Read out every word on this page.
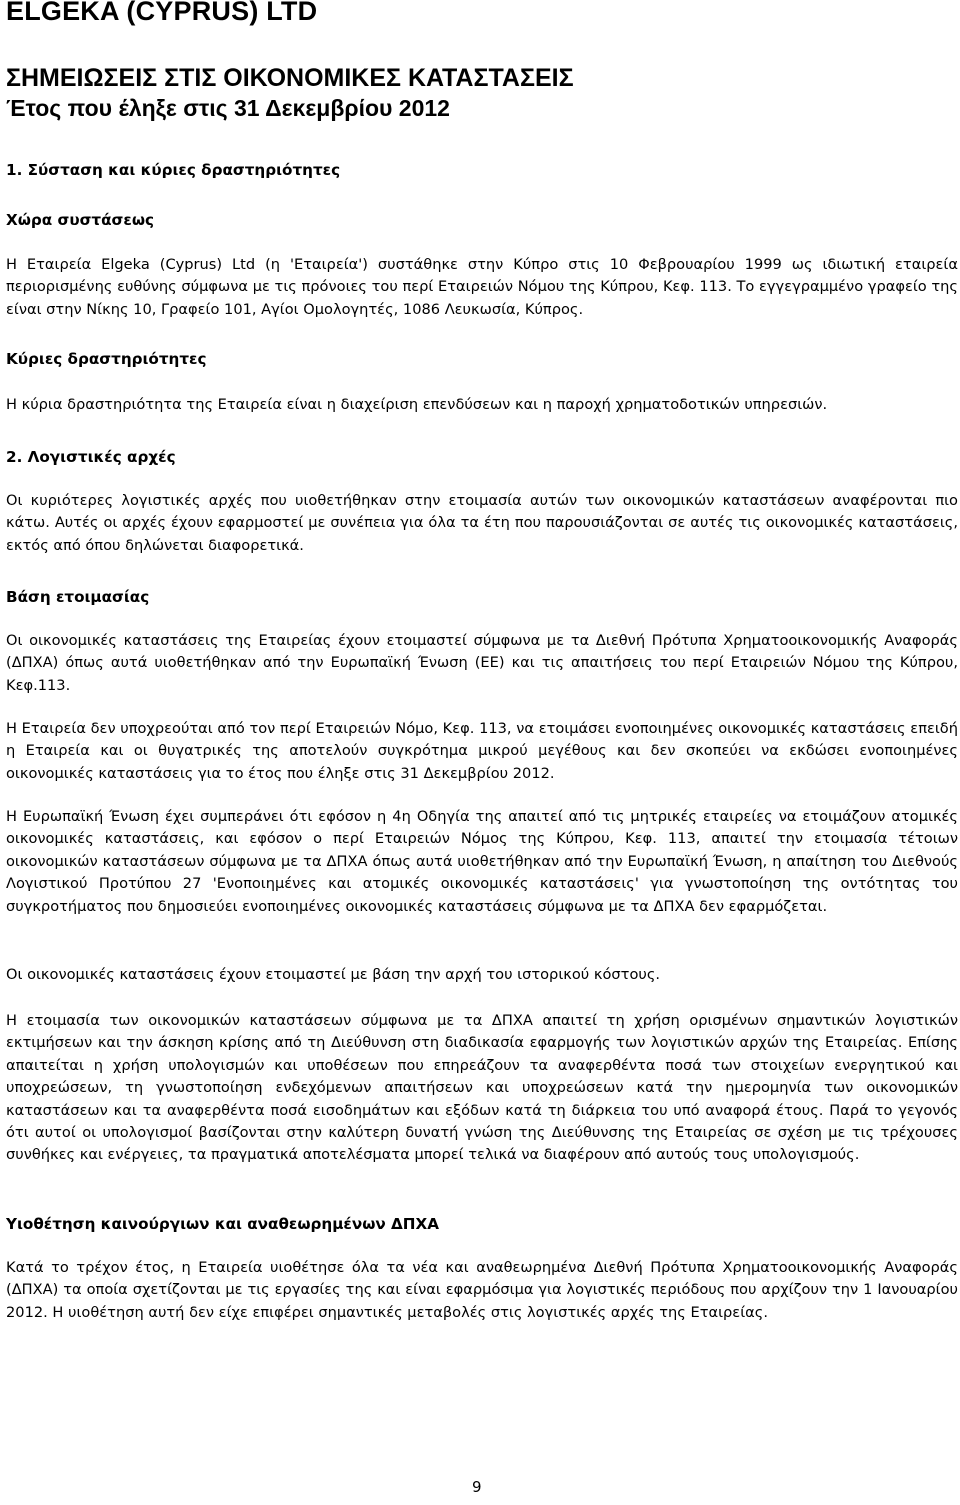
ELGEKA (CYPRUS) LTD
ΣΗΜΕΙΩΣΕΙΣ ΣΤΙΣ ΟΙΚΟΝΟΜΙΚΕΣ ΚΑΤΑΣΤΑΣΕΙΣ
Έτος που έληξε στις 31 Δεκεμβρίου 2012
1. Σύσταση και κύριες δραστηριότητες
Χώρα συστάσεως
Η Εταιρεία Elgeka (Cyprus) Ltd (η 'Εταιρεία') συστάθηκε στην Κύπρο στις 10 Φεβρουαρίου 1999 ως ιδιωτική εταιρεία περιορισμένης ευθύνης σύμφωνα με τις πρόνοιες του περί Εταιρειών Νόμου της Κύπρου, Κεφ. 113. Το εγγεγραμμένο γραφείο της είναι στην Νίκης 10, Γραφείο 101, Αγίοι Ομολογητές, 1086 Λευκωσία, Κύπρος.
Κύριες δραστηριότητες
Η κύρια δραστηριότητα της Εταιρεία είναι η διαχείριση επενδύσεων και η παροχή χρηματοδοτικών υπηρεσιών.
2. Λογιστικές αρχές
Οι κυριότερες λογιστικές αρχές που υιοθετήθηκαν στην ετοιμασία αυτών των οικονομικών καταστάσεων αναφέρονται πιο κάτω. Αυτές οι αρχές έχουν εφαρμοστεί με συνέπεια για όλα τα έτη που παρουσιάζονται σε αυτές τις οικονομικές καταστάσεις, εκτός από όπου δηλώνεται διαφορετικά.
Βάση ετοιμασίας
Οι οικονομικές καταστάσεις της Εταιρείας έχουν ετοιμαστεί σύμφωνα με τα Διεθνή Πρότυπα Χρηματοοικονομικής Αναφοράς (ΔΠΧΑ) όπως αυτά υιοθετήθηκαν από την Ευρωπαϊκή Ένωση (ΕΕ) και τις απαιτήσεις του περί Εταιρειών Νόμου της Κύπρου, Κεφ.113.
Η Εταιρεία δεν υποχρεούται από τον περί Εταιρειών Νόμο, Κεφ. 113, να ετοιμάσει ενοποιημένες οικονομικές καταστάσεις επειδή η Εταιρεία και οι θυγατρικές της αποτελούν συγκρότημα μικρού μεγέθους και δεν σκοπεύει να εκδώσει ενοποιημένες οικονομικές καταστάσεις για το έτος που έληξε στις 31 Δεκεμβρίου 2012.
Η Ευρωπαϊκή Ένωση έχει συμπεράνει ότι εφόσον η 4η Οδηγία της απαιτεί από τις μητρικές εταιρείες να ετοιμάζουν ατομικές οικονομικές καταστάσεις, και εφόσον ο περί Εταιρειών Νόμος της Κύπρου, Κεφ. 113, απαιτεί την ετοιμασία τέτοιων οικονομικών καταστάσεων σύμφωνα με τα ΔΠΧΑ όπως αυτά υιοθετήθηκαν από την Ευρωπαϊκή Ένωση, η απαίτηση του Διεθνούς Λογιστικού Προτύπου 27 'Ενοποιημένες και ατομικές οικονομικές καταστάσεις' για γνωστοποίηση της οντότητας του συγκροτήματος που δημοσιεύει ενοποιημένες οικονομικές καταστάσεις σύμφωνα με τα ΔΠΧΑ δεν εφαρμόζεται.
Οι οικονομικές καταστάσεις έχουν ετοιμαστεί με βάση την αρχή του ιστορικού κόστους.
Η ετοιμασία των οικονομικών καταστάσεων σύμφωνα με τα ΔΠΧΑ απαιτεί τη χρήση ορισμένων σημαντικών λογιστικών εκτιμήσεων και την άσκηση κρίσης από τη Διεύθυνση στη διαδικασία εφαρμογής των λογιστικών αρχών της Εταιρείας. Επίσης απαιτείται η χρήση υπολογισμών και υποθέσεων που επηρεάζουν τα αναφερθέντα ποσά των στοιχείων ενεργητικού και υποχρεώσεων, τη γνωστοποίηση ενδεχόμενων απαιτήσεων και υποχρεώσεων κατά την ημερομηνία των οικονομικών καταστάσεων και τα αναφερθέντα ποσά εισοδημάτων και εξόδων κατά τη διάρκεια του υπό αναφορά έτους. Παρά το γεγονός ότι αυτοί οι υπολογισμοί βασίζονται στην καλύτερη δυνατή γνώση της Διεύθυνσης της Εταιρείας σε σχέση με τις τρέχουσες συνθήκες και ενέργειες, τα πραγματικά αποτελέσματα μπορεί τελικά να διαφέρουν από αυτούς τους υπολογισμούς.
Υιοθέτηση καινούργιων και αναθεωρημένων ΔΠΧΑ
Κατά το τρέχον έτος, η Εταιρεία υιοθέτησε όλα τα νέα και αναθεωρημένα Διεθνή Πρότυπα Χρηματοοικονομικής Αναφοράς (ΔΠΧΑ) τα οποία σχετίζονται με τις εργασίες της και είναι εφαρμόσιμα για λογιστικές περιόδους που αρχίζουν την 1 Ιανουαρίου 2012. Η υιοθέτηση αυτή δεν είχε επιφέρει σημαντικές μεταβολές στις λογιστικές αρχές της Εταιρείας.
9
